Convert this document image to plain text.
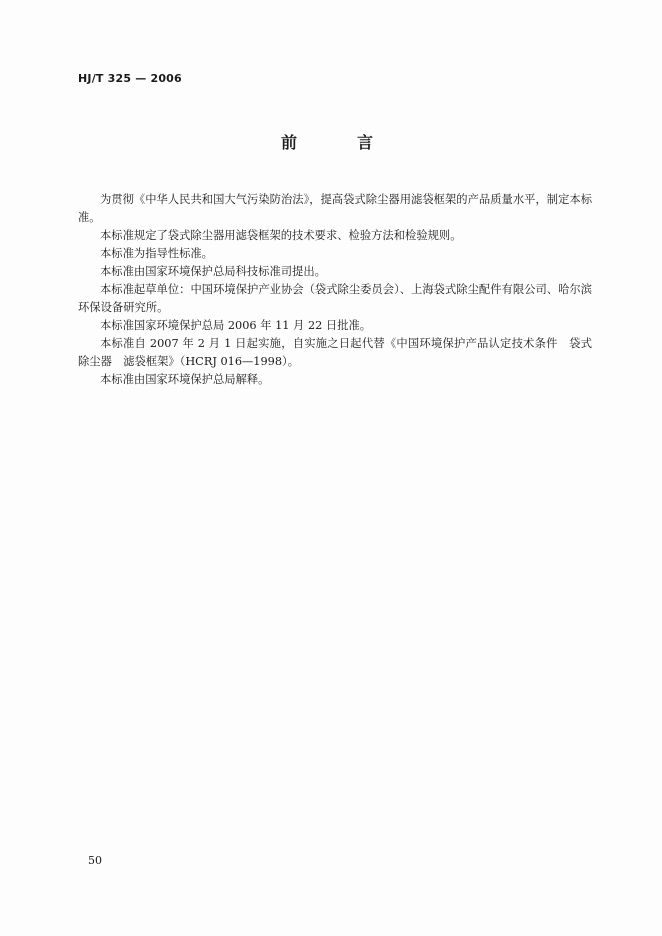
HJ/T 325 — 2006
前　言

为贯彻《中华人民共和国大气污染防治法》，提高袋式除尘器用滤袋框架的产品质量水平，制定本标准。

本标准规定了袋式除尘器用滤袋框架的技术要求、检验方法和检验规则。

本标准为指导性标准。

本标准由国家环境保护总局科技标准司提出。

本标准起草单位：中国环境保护产业协会（袋式除尘委员会）、上海袋式除尘配件有限公司、哈尔滨环保设备研究所。

本标准国家环境保护总局 2006 年 11 月 22 日批准。

本标准自 2007 年 2 月 1 日起实施，自实施之日起代替《中国环境保护产品认定技术条件　袋式除尘器　滤袋框架》（HCRJ 016—1998）。

本标准由国家环境保护总局解释。

50
